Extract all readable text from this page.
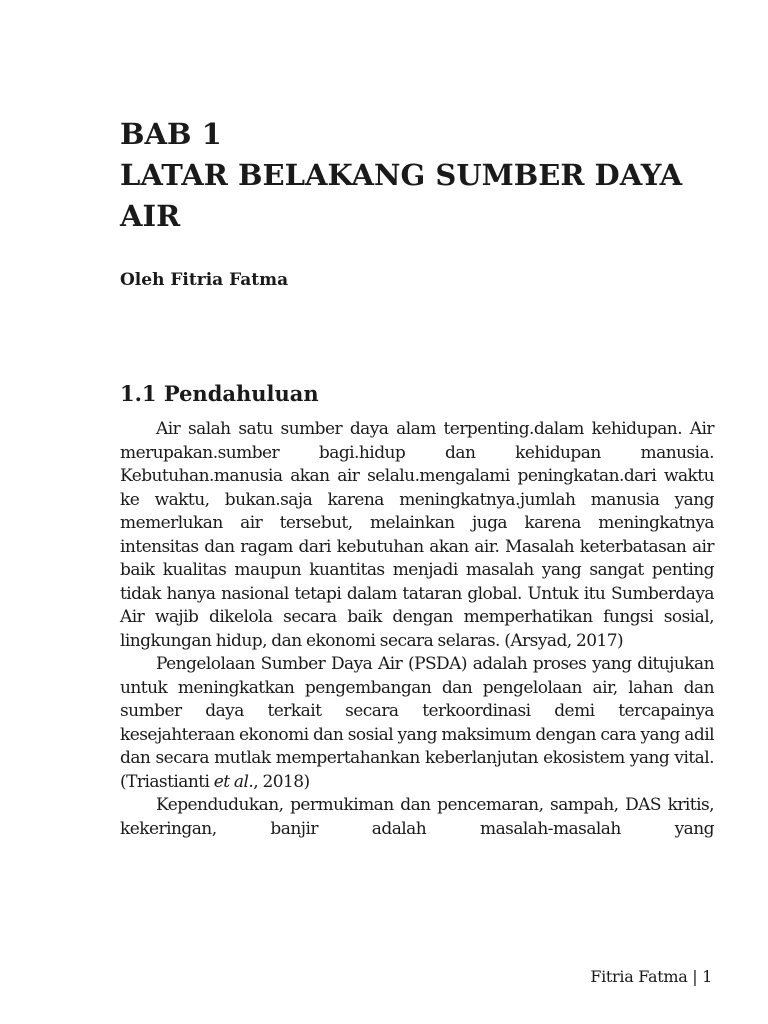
BAB 1
LATAR BELAKANG SUMBER DAYA
AIR

Oleh Fitria Fatma

1.1 Pendahuluan

Air salah satu sumber daya alam terpenting.dalam kehidupan. Air merupakan.sumber bagi.hidup dan kehidupan manusia. Kebutuhan.manusia akan air selalu.mengalami peningkatan.dari waktu ke waktu, bukan.saja karena meningkatnya.jumlah manusia yang memerlukan air tersebut, melainkan juga karena meningkatnya intensitas dan ragam dari kebutuhan akan air. Masalah keterbatasan air baik kualitas maupun kuantitas menjadi masalah yang sangat penting tidak hanya nasional tetapi dalam tataran global. Untuk itu Sumberdaya Air wajib dikelola secara baik dengan memperhatikan fungsi sosial, lingkungan hidup, dan ekonomi secara selaras. (Arsyad, 2017)

Pengelolaan Sumber Daya Air (PSDA) adalah proses yang ditujukan untuk meningkatkan pengembangan dan pengelolaan air, lahan dan sumber daya terkait secara terkoordinasi demi tercapainya kesejahteraan ekonomi dan sosial yang maksimum dengan cara yang adil dan secara mutlak mempertahankan keberlanjutan ekosistem yang vital. (Triastianti et al., 2018)

Kependudukan, permukiman dan pencemaran, sampah, DAS kritis, kekeringan, banjir adalah masalah-masalah yang

Fitria Fatma | 1
